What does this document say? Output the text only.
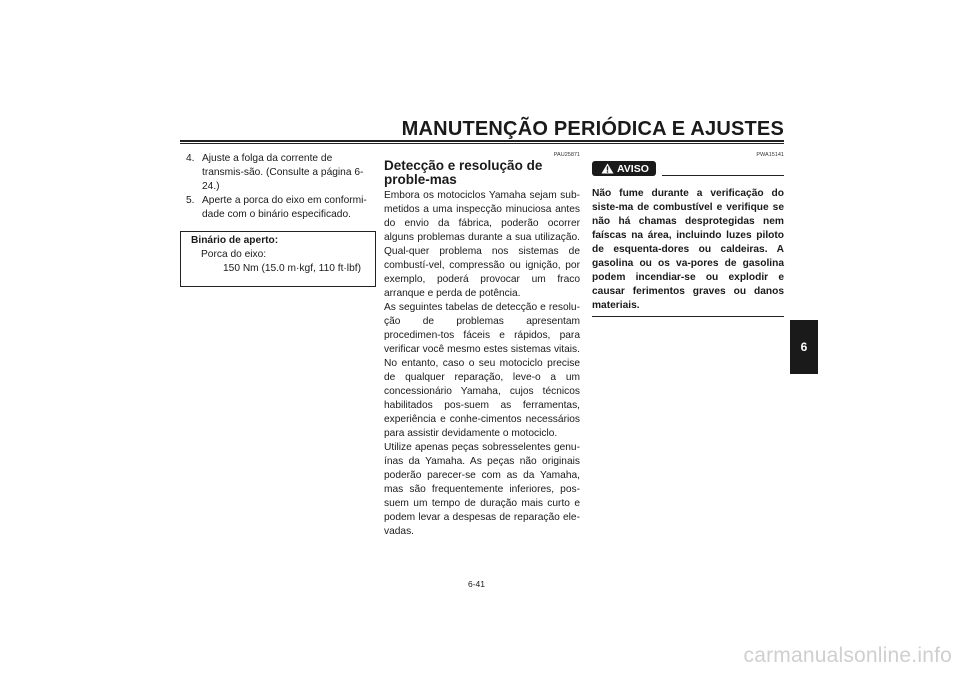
MANUTENÇÃO PERIÓDICA E AJUSTES
4. Ajuste a folga da corrente de transmis-são. (Consulte a página 6-24.)
5. Aperte a porca do eixo em conformi-dade com o binário especificado.
Binário de aperto:
Porca do eixo:
150 Nm (15.0 m·kgf, 110 ft·lbf)
PAU25871
Detecção e resolução de proble-mas
Embora os motociclos Yamaha sejam sub-metidos a uma inspecção minuciosa antes do envio da fábrica, poderão ocorrer alguns problemas durante a sua utilização. Qual-quer problema nos sistemas de combustí-vel, compressão ou ignição, por exemplo, poderá provocar um fraco arranque e perda de potência.
As seguintes tabelas de detecção e resolu-ção de problemas apresentam procedimen-tos fáceis e rápidos, para verificar você mesmo estes sistemas vitais. No entanto, caso o seu motociclo precise de qualquer reparação, leve-o a um concessionário Yamaha, cujos técnicos habilitados pos-suem as ferramentas, experiência e conhe-cimentos necessários para assistir devidamente o motociclo.
Utilize apenas peças sobresselentes genu-ínas da Yamaha. As peças não originais poderão parecer-se com as da Yamaha, mas são frequentemente inferiores, pos-suem um tempo de duração mais curto e podem levar a despesas de reparação ele-vadas.
PWA15141
AVISO
Não fume durante a verificação do siste-ma de combustível e verifique se não há chamas desprotegidas nem faíscas na área, incluindo luzes piloto de esquenta-dores ou caldeiras. A gasolina ou os va-pores de gasolina podem incendiar-se ou explodir e causar ferimentos graves ou danos materiais.
6
6-41
carmanualsonline.info
